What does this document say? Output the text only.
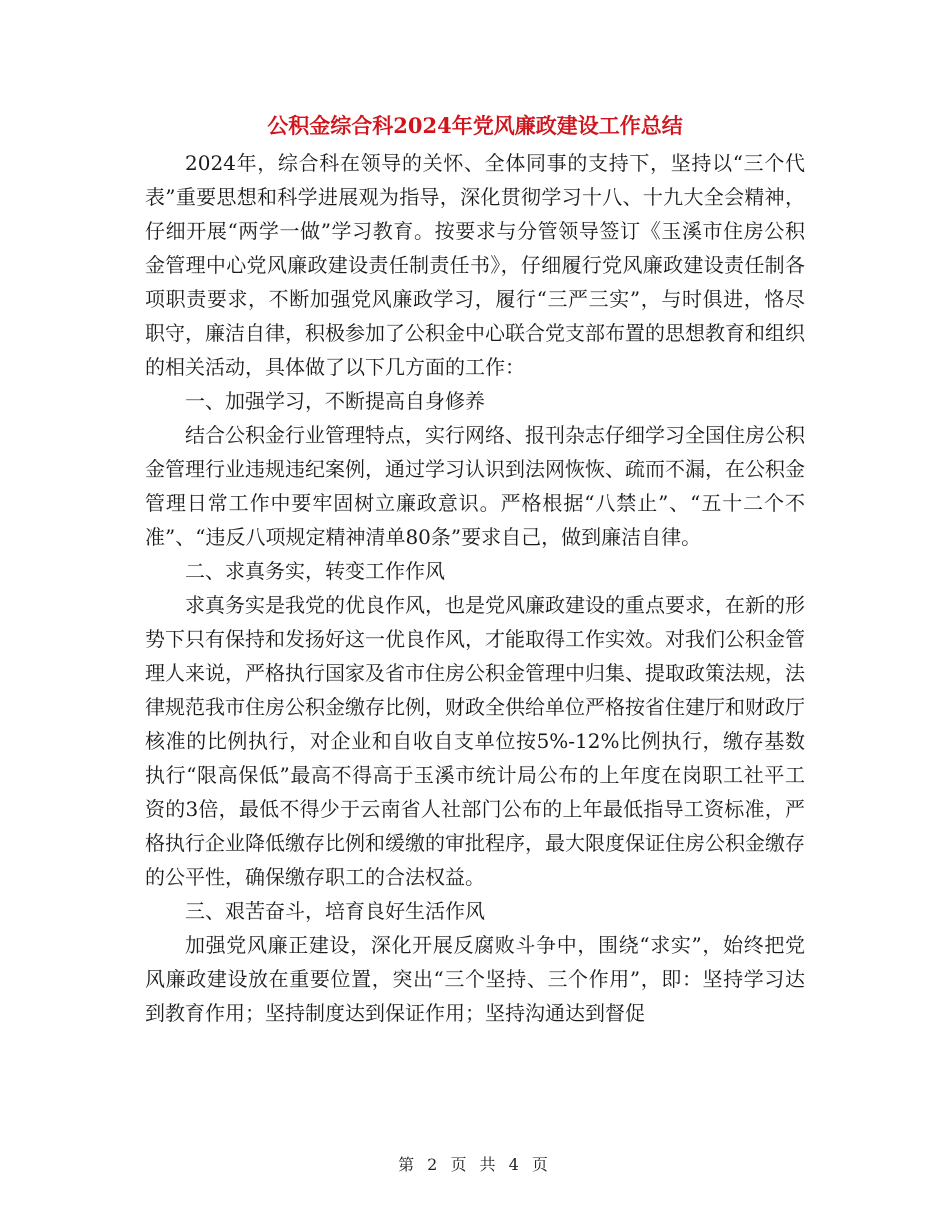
公积金综合科2024年党风廉政建设工作总结

2024年，综合科在领导的关怀、全体同事的支持下，坚持以“三个代表”重要思想和科学进展观为指导，深化贯彻学习十八、十九大全会精神，仔细开展“两学一做”学习教育。按要求与分管领导签订《玉溪市住房公积金管理中心党风廉政建设责任制责任书》，仔细履行党风廉政建设责任制各项职责要求，不断加强党风廉政学习，履行“三严三实”，与时俱进，恪尽职守，廉洁自律，积极参加了公积金中心联合党支部布置的思想教育和组织的相关活动，具体做了以下几方面的工作：

一、加强学习，不断提高自身修养

结合公积金行业管理特点，实行网络、报刊杂志仔细学习全国住房公积金管理行业违规违纪案例，通过学习认识到法网恢恢、疏而不漏，在公积金管理日常工作中要牢固树立廉政意识。严格根据“八禁止”、“五十二个不准”、“违反八项规定精神清单80条”要求自己，做到廉洁自律。

二、求真务实，转变工作作风

求真务实是我党的优良作风，也是党风廉政建设的重点要求，在新的形势下只有保持和发扬好这一优良作风，才能取得工作实效。对我们公积金管理人来说，严格执行国家及省市住房公积金管理中归集、提取政策法规，法律规范我市住房公积金缴存比例，财政全供给单位严格按省住建厅和财政厅核准的比例执行，对企业和自收自支单位按5%-12%比例执行，缴存基数执行“限高保低”最高不得高于玉溪市统计局公布的上年度在岗职工社平工资的3倍，最低不得少于云南省人社部门公布的上年最低指导工资标准，严格执行企业降低缴存比例和缓缴的审批程序，最大限度保证住房公积金缴存的公平性，确保缴存职工的合法权益。

三、艰苦奋斗，培育良好生活作风

加强党风廉正建设，深化开展反腐败斗争中，围绕“求实”，始终把党风廉政建设放在重要位置，突出“三个坚持、三个作用”，即：坚持学习达到教育作用；坚持制度达到保证作用；坚持沟通达到督促

第 2 页 共 4 页
